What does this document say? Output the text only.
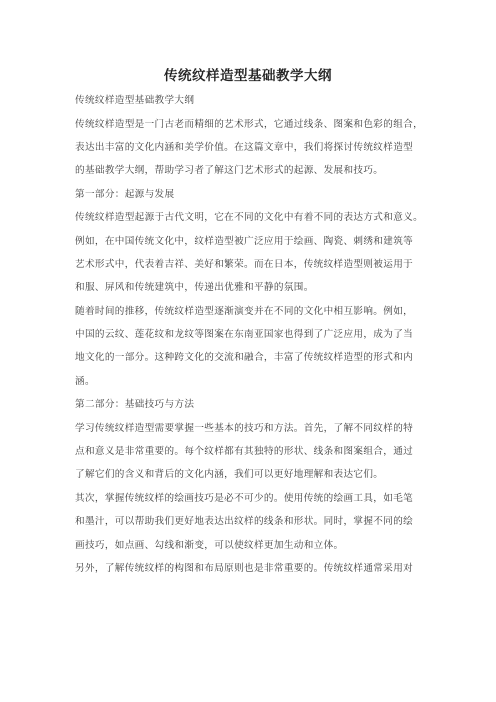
传统纹样造型基础教学大纲
传统纹样造型基础教学大纲
传统纹样造型是一门古老而精细的艺术形式，它通过线条、图案和色彩的组合，
表达出丰富的文化内涵和美学价值。在这篇文章中，我们将探讨传统纹样造型
的基础教学大纲，帮助学习者了解这门艺术形式的起源、发展和技巧。
第一部分：起源与发展
传统纹样造型起源于古代文明，它在不同的文化中有着不同的表达方式和意义。
例如，在中国传统文化中，纹样造型被广泛应用于绘画、陶瓷、刺绣和建筑等
艺术形式中，代表着吉祥、美好和繁荣。而在日本，传统纹样造型则被运用于
和服、屏风和传统建筑中，传递出优雅和平静的氛围。
随着时间的推移，传统纹样造型逐渐演变并在不同的文化中相互影响。例如，
中国的云纹、莲花纹和龙纹等图案在东南亚国家也得到了广泛应用，成为了当
地文化的一部分。这种跨文化的交流和融合，丰富了传统纹样造型的形式和内
涵。
第二部分：基础技巧与方法
学习传统纹样造型需要掌握一些基本的技巧和方法。首先，了解不同纹样的特
点和意义是非常重要的。每个纹样都有其独特的形状、线条和图案组合，通过
了解它们的含义和背后的文化内涵，我们可以更好地理解和表达它们。
其次，掌握传统纹样的绘画技巧是必不可少的。使用传统的绘画工具，如毛笔
和墨汁，可以帮助我们更好地表达出纹样的线条和形状。同时，掌握不同的绘
画技巧，如点画、勾线和渐变，可以使纹样更加生动和立体。
另外，了解传统纹样的构图和布局原则也是非常重要的。传统纹样通常采用对
